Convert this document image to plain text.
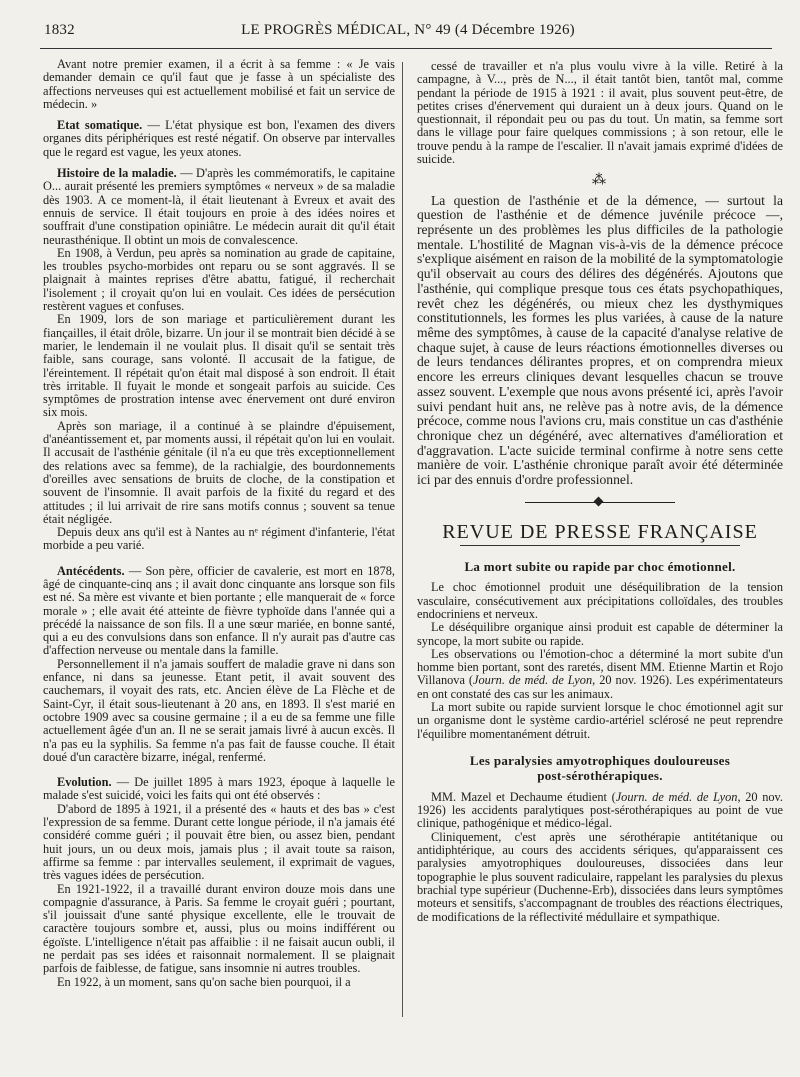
1832	LE PROGRÈS MÉDICAL, N° 49 (4 Décembre 1926)

Avant notre premier examen, il a écrit à sa femme : « Je vais demander demain ce qu'il faut que je fasse à un spécialiste des affections nerveuses qui est actuellement mobilisé et fait un service de médecin. »

Etat somatique. — L'état physique est bon, l'examen des divers organes dits périphériques est resté négatif. On observe par intervalles que le regard est vague, les yeux atones.

Histoire de la maladie. — D'après les commémoratifs, le capitaine O... aurait présenté les premiers symptômes « nerveux » de sa maladie dès 1903. A ce moment-là, il était lieutenant à Evreux et avait des ennuis de service. Il était toujours en proie à des idées noires et souffrait d'une constipation opiniâtre. Le médecin aurait dit qu'il était neurasthénique. Il obtint un mois de convalescence.

En 1908, à Verdun, peu après sa nomination au grade de capitaine, les troubles psycho-morbides ont reparu ou se sont aggravés. Il se plaignait à maintes reprises d'être abattu, fatigué, il recherchait l'isolement ; il croyait qu'on lui en voulait. Ces idées de persécution restèrent vagues et confuses.

En 1909, lors de son mariage et particulièrement durant les fiançailles, il était drôle, bizarre. Un jour il se montrait bien décidé à se marier, le lendemain il ne voulait plus. Il disait qu'il se sentait très faible, sans courage, sans volonté. Il accusait de la fatigue, de l'éreintement. Il répétait qu'on était mal disposé à son endroit. Il était très irritable. Il fuyait le monde et songeait parfois au suicide. Ces symptômes de prostration intense avec énervement ont duré environ six mois.

Après son mariage, il a continué à se plaindre d'épuisement, d'anéantissement et, par moments aussi, il répétait qu'on lui en voulait. Il accusait de l'asthénie génitale (il n'a eu que très exceptionnellement des relations avec sa femme), de la rachialgie, des bourdonnements d'oreilles avec sensations de bruits de cloche, de la constipation et souvent de l'insomnie. Il avait parfois de la fixité du regard et des attitudes ; il lui arrivait de rire sans motifs connus ; souvent sa tenue était négligée.

Depuis deux ans qu'il est à Nantes au nᵉ régiment d'infanterie, l'état morbide a peu varié.

Antécédents. — Son père, officier de cavalerie, est mort en 1878, âgé de cinquante-cinq ans ; il avait donc cinquante ans lorsque son fils est né. Sa mère est vivante et bien portante ; elle manquerait de « force morale » ; elle avait été atteinte de fièvre typhoïde dans l'année qui a précédé la naissance de son fils. Il a une sœur mariée, en bonne santé, qui a eu des convulsions dans son enfance. Il n'y aurait pas d'autre cas d'affection nerveuse ou mentale dans la famille.

Personnellement il n'a jamais souffert de maladie grave ni dans son enfance, ni dans sa jeunesse. Etant petit, il avait souvent des cauchemars, il voyait des rats, etc. Ancien élève de La Flèche et de Saint-Cyr, il était sous-lieutenant à 20 ans, en 1893. Il s'est marié en octobre 1909 avec sa cousine germaine ; il a eu de sa femme une fille actuellement âgée d'un an. Il ne se serait jamais livré à aucun excès. Il n'a pas eu la syphilis. Sa femme n'a pas fait de fausse couche. Il était doué d'un caractère bizarre, inégal, renfermé.

Evolution. — De juillet 1895 à mars 1923, époque à laquelle le malade s'est suicidé, voici les faits qui ont été observés :

D'abord de 1895 à 1921, il a présenté des « hauts et des bas » c'est l'expression de sa femme. Durant cette longue période, il n'a jamais été considéré comme guéri ; il pouvait être bien, ou assez bien, pendant huit jours, un ou deux mois, jamais plus ; il avait toute sa raison, affirme sa femme : par intervalles seulement, il exprimait de vagues, très vagues idées de persécution.

En 1921-1922, il a travaillé durant environ douze mois dans une compagnie d'assurance, à Paris. Sa femme le croyait guéri ; pourtant, s'il jouissait d'une santé physique excellente, elle le trouvait de caractère toujours sombre et, aussi, plus ou moins indifférent ou égoïste. L'intelligence n'était pas affaiblie : il ne faisait aucun oubli, il ne perdait pas ses idées et raisonnait normalement. Il se plaignait parfois de faiblesse, de fatigue, sans insomnie ni autres troubles.

En 1922, à un moment, sans qu'on sache bien pourquoi, il a

cessé de travailler et n'a plus voulu vivre à la ville. Retiré à la campagne, à V..., près de N..., il était tantôt bien, tantôt mal, comme pendant la période de 1915 à 1921 : il avait, plus souvent peut-être, de petites crises d'énervement qui duraient un à deux jours. Quand on le questionnait, il répondait peu ou pas du tout. Un matin, sa femme sort dans le village pour faire quelques commissions ; à son retour, elle le trouve pendu à la rampe de l'escalier. Il n'avait jamais exprimé d'idées de suicide.

⁂

La question de l'asthénie et de la démence, — surtout la question de l'asthénie et de démence juvénile précoce —, représente un des problèmes les plus difficiles de la pathologie mentale. L'hostilité de Magnan vis-à-vis de la démence précoce s'explique aisément en raison de la mobilité de la symptomatologie qu'il observait au cours des délires des dégénérés. Ajoutons que l'asthénie, qui complique presque tous ces états psychopathiques, revêt chez les dégénérés, ou mieux chez les dysthymiques constitutionnels, les formes les plus variées, à cause de la nature même des symptômes, à cause de la capacité d'analyse relative de chaque sujet, à cause de leurs réactions émotionnelles diverses ou de leurs tendances délirantes propres, et on comprendra mieux encore les erreurs cliniques devant lesquelles chacun se trouve assez souvent. L'exemple que nous avons présenté ici, après l'avoir suivi pendant huit ans, ne relève pas à notre avis, de la démence précoce, comme nous l'avions cru, mais constitue un cas d'asthénie chronique chez un dégénéré, avec alternatives d'amélioration et d'aggravation. L'acte suicide terminal confirme à notre sens cette manière de voir. L'asthénie chronique paraît avoir été déterminée ici par des ennuis d'ordre professionnel.

REVUE DE PRESSE FRANÇAISE
La mort subite ou rapide par choc émotionnel.

Le choc émotionnel produit une déséquilibration de la tension vasculaire, consécutivement aux précipitations colloïdales, des troubles endocriniens et nerveux.

Le déséquilibre organique ainsi produit est capable de déterminer la syncope, la mort subite ou rapide.

Les observations ou l'émotion-choc a déterminé la mort subite d'un homme bien portant, sont des raretés, disent MM. Etienne Martin et Rojo Villanova (Journ. de méd. de Lyon, 20 nov. 1926). Les expérimentateurs en ont constaté des cas sur les animaux.

La mort subite ou rapide survient lorsque le choc émotionnel agit sur un organisme dont le système cardio-artériel sclérosé ne peut reprendre l'équilibre momentanément détruit.

Les paralysies amyotrophiques douloureuses
post-sérothérapiques.

MM. Mazel et Dechaume étudient (Journ. de méd. de Lyon, 20 nov. 1926) les accidents paralytiques post-sérothérapiques au point de vue clinique, pathogénique et médico-légal.

Cliniquement, c'est après une sérothérapie antitétanique ou antidiphtérique, au cours des accidents sériques, qu'apparaissent ces paralysies amyotrophiques douloureuses, dissociées dans leur topographie le plus souvent radiculaire, rappelant les paralysies du plexus brachial type supérieur (Duchenne-Erb), dissociées dans leurs symptômes moteurs et sensitifs, s'accompagnant de troubles des réactions électriques, de modifications de la réflectivité médullaire et sympathique.
